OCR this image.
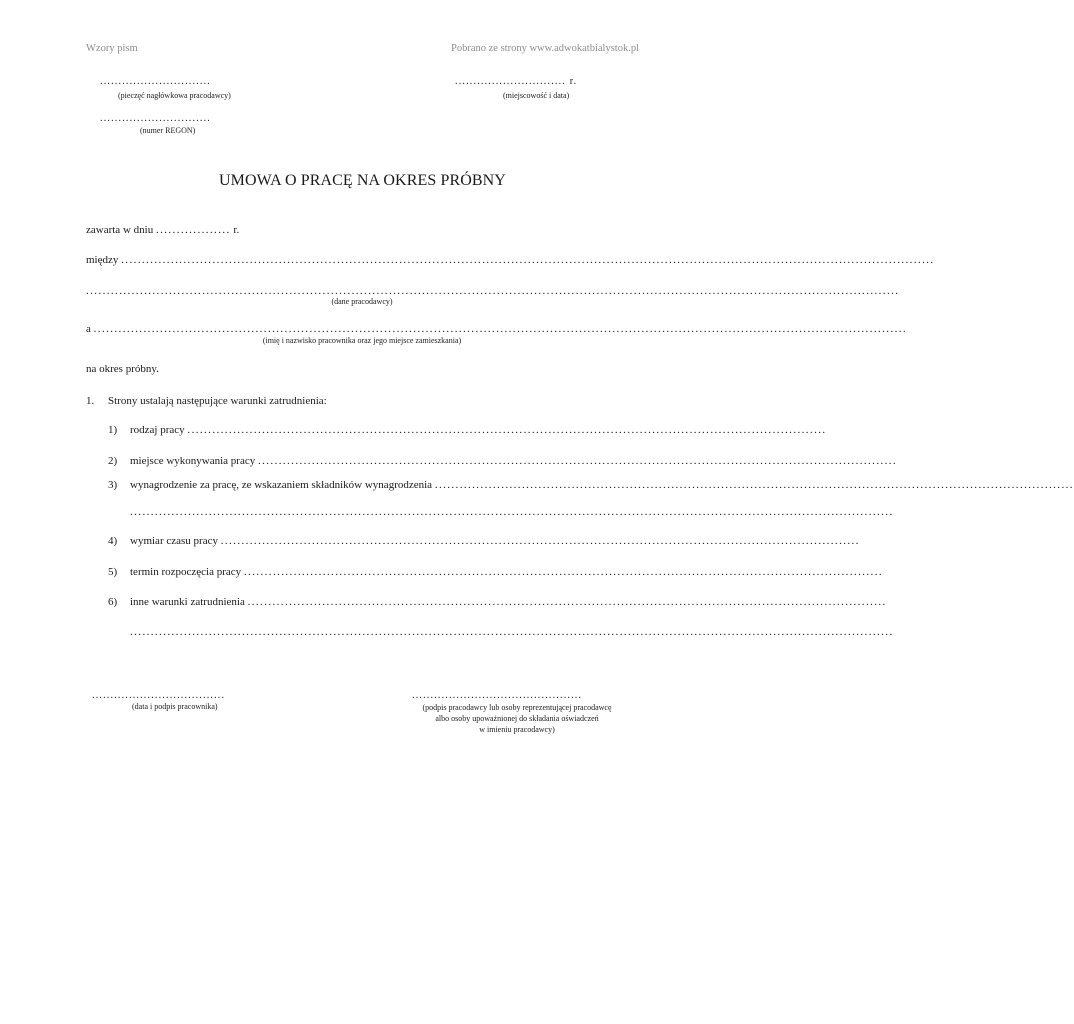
Wzory pism	Pobrano ze strony www.adwokatbialystok.pl
..............................
(pieczęć nagłówkowa pracodawcy)
.............................. r.
(miejscowość i data)
..............................
(numer REGON)
UMOWA O PRACĘ NA OKRES PRÓBNY
zawarta w dniu .................. r.
między ....................................................................................................................................................................................................
....................................................................................................................................................................................................
(dane pracodawcy)
a ....................................................................................................................................................................................................
(imię i nazwisko pracownika oraz jego miejsce zamieszkania)
na okres próbny.
1. Strony ustalają następujące warunki zatrudnienia:
1) rodzaj pracy ..........................................................................................................................................................
2) miejsce wykonywania pracy ..........................................................................................................................................................
3) wynagrodzenie za pracę, ze wskazaniem składników wynagrodzenia ..........................................................................................................................................................
........................................................................................................................................................................................
4) wymiar czasu pracy ..........................................................................................................................................................
5) termin rozpoczęcia pracy ..........................................................................................................................................................
6) inne warunki zatrudnienia ..........................................................................................................................................................
........................................................................................................................................................................................
....................................
(data i podpis pracownika)
..............................................
(podpis pracodawcy lub osoby reprezentującej pracodawcę
albo osoby upoważnionej do składania oświadczeń
w imieniu pracodawcy)
